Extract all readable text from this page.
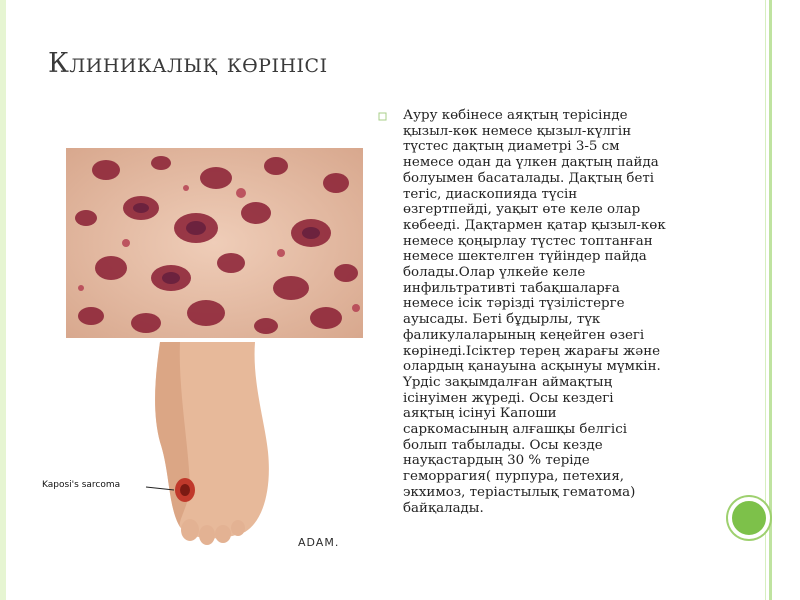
Клиникалық көрінісі
Ауру көбінесе аяқтың терісінде
қызыл-көк немесе қызыл-күлгін
түстес дақтың диаметрі 3-5 см
немесе одан да үлкен дақтың пайда
болуымен басаталады. Дақтың беті
тегіс, диаскопияда түсін
өзгертпейді, уақыт өте келе олар
көбееді. Дақтармен қатар қызыл-көк
немесе қоңырлау түстес топтанған
немесе шектелген түйіндер пайда
болады.Олар үлкейе келе
инфильтративті табақшаларға
немесе ісік тәрізді түзілістерге
ауысады. Беті бұдырлы, түк
фаликулаларының кеңейген өзегі
көрінеді.Ісіктер терең жарағы және
олардың қанауына асқынуы мүмкін.
Үрдіс зақымдалған аймақтың
ісінуімен жүреді. Осы кездегі
аяқтың ісінуі Капоши
саркомасының алғашқы белгісі
болып табылады. Осы кезде
науқастардың 30 % теріде
геморрагия( пурпура, петехия,
экхимоз, теріастылық гематома)
байқалады.
Kaposi's sarcoma
ADAM.
